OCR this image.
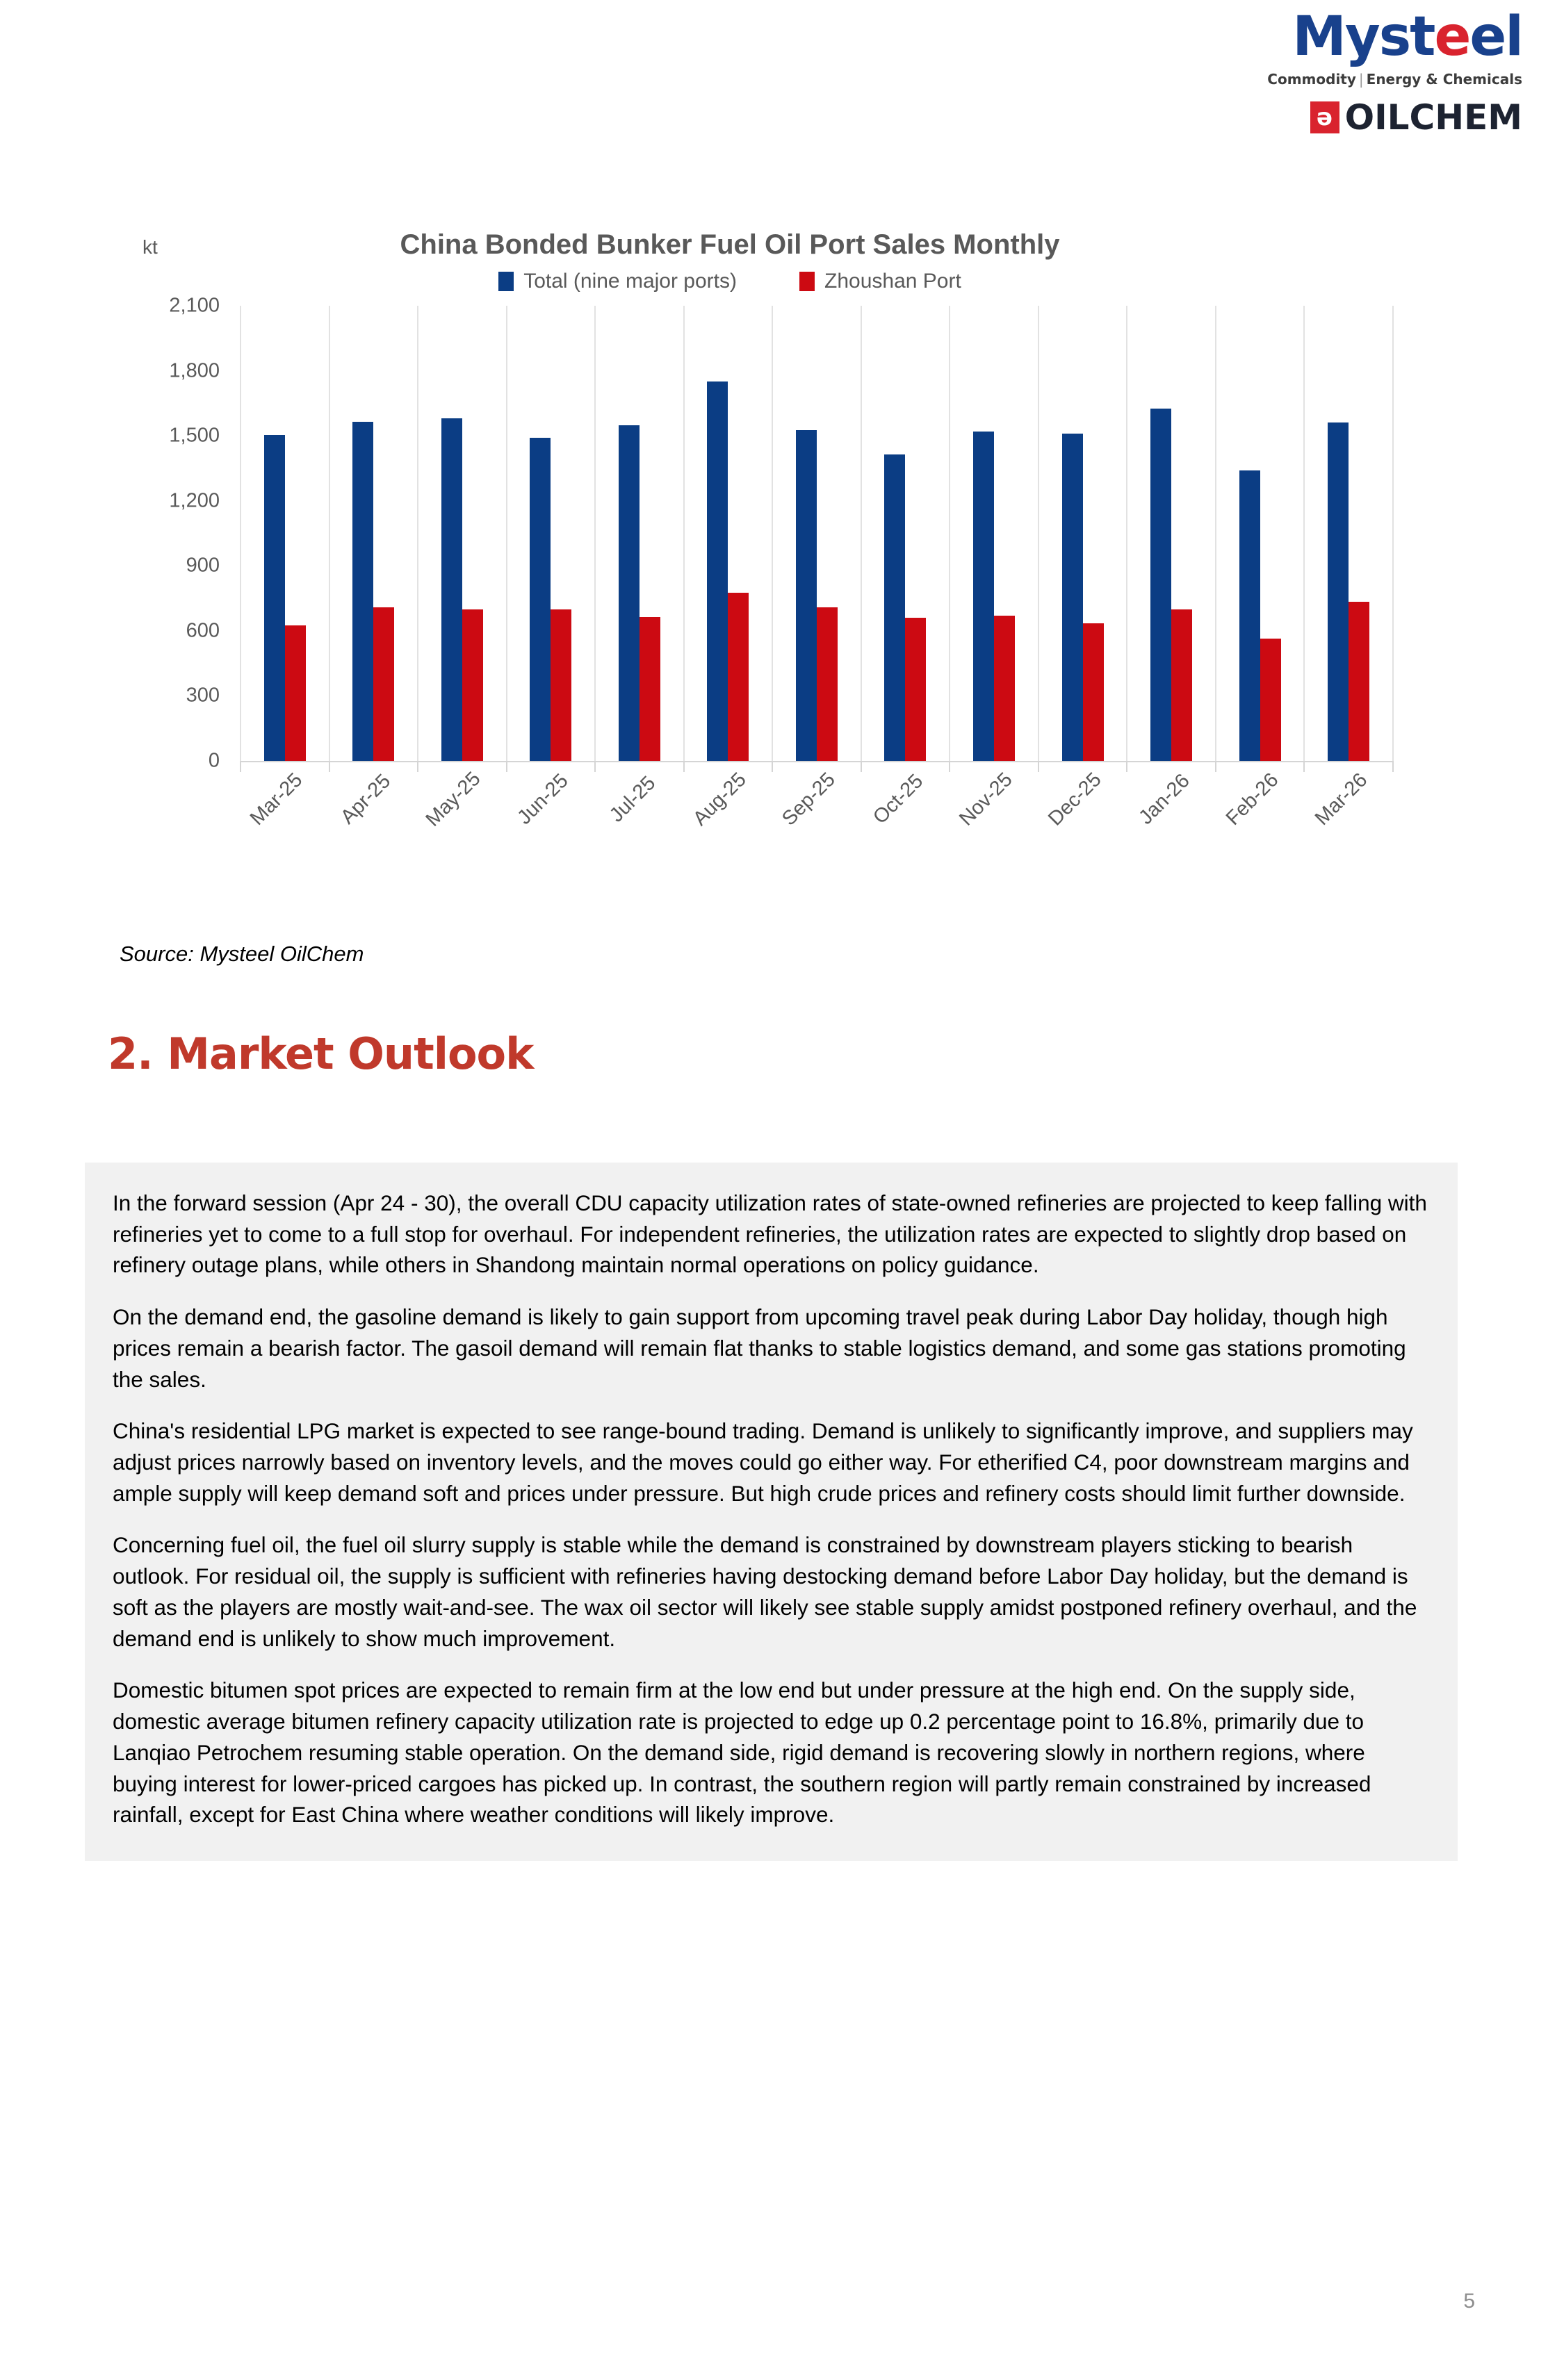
Mysteel
Commodity | Energy & Chemicals
ə OILCHEM
kt	China Bonded Bunker Fuel Oil Port Sales Monthly
Total (nine major ports)	Zhoushan Port
2,100
1,800
1,500
1,200
900
600
300
0
Mar-25 Apr-25 May-25 Jun-25 Jul-25 Aug-25 Sep-25 Oct-25 Nov-25 Dec-25 Jan-26 Feb-26 Mar-26
Source: Mysteel OilChem
2. Market Outlook

In the forward session (Apr 24 - 30), the overall CDU capacity utilization rates of state-owned refineries are projected to keep falling with refineries yet to come to a full stop for overhaul. For independent refineries, the utilization rates are expected to slightly drop based on refinery outage plans, while others in Shandong maintain normal operations on policy guidance.

On the demand end, the gasoline demand is likely to gain support from upcoming travel peak during Labor Day holiday, though high prices remain a bearish factor. The gasoil demand will remain flat thanks to stable logistics demand, and some gas stations promoting the sales.

China's residential LPG market is expected to see range-bound trading. Demand is unlikely to significantly improve, and suppliers may adjust prices narrowly based on inventory levels, and the moves could go either way. For etherified C4, poor downstream margins and ample supply will keep demand soft and prices under pressure. But high crude prices and refinery costs should limit further downside.

Concerning fuel oil, the fuel oil slurry supply is stable while the demand is constrained by downstream players sticking to bearish outlook. For residual oil, the supply is sufficient with refineries having destocking demand before Labor Day holiday, but the demand is soft as the players are mostly wait-and-see. The wax oil sector will likely see stable supply amidst postponed refinery overhaul, and the demand end is unlikely to show much improvement.

Domestic bitumen spot prices are expected to remain firm at the low end but under pressure at the high end. On the supply side, domestic average bitumen refinery capacity utilization rate is projected to edge up 0.2 percentage point to 16.8%, primarily due to Lanqiao Petrochem resuming stable operation. On the demand side, rigid demand is recovering slowly in northern regions, where buying interest for lower-priced cargoes has picked up. In contrast, the southern region will partly remain constrained by increased rainfall, except for East China where weather conditions will likely improve.

5
